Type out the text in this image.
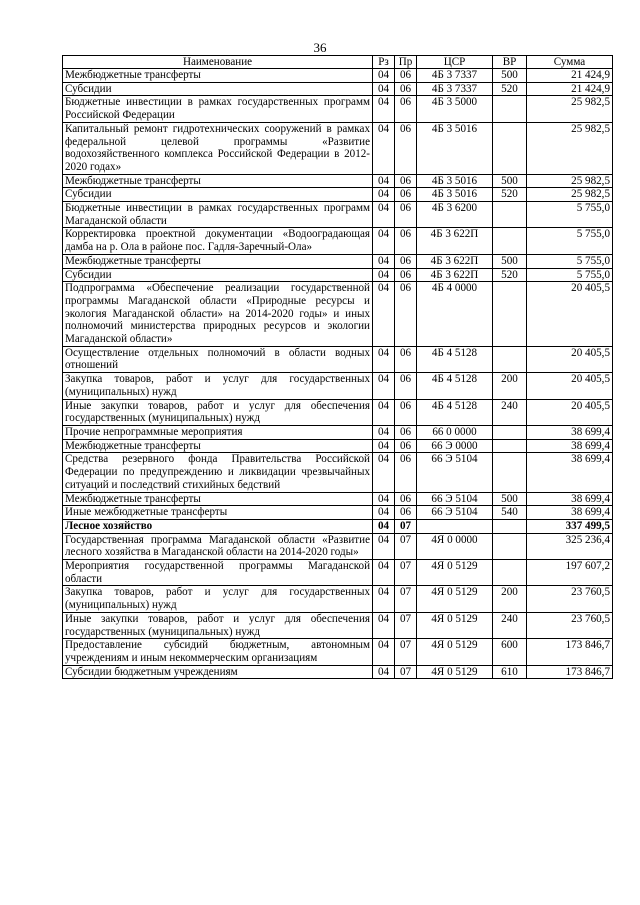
36
Наименование	Рз	Пр	ЦСР	ВР	Сумма
Межбюджетные трансферты	04	06	4Б 3 7337	500	21 424,9
Субсидии	04	06	4Б 3 7337	520	21 424,9
Бюджетные инвестиции в рамках государственных программ Российской Федерации	04	06	4Б 3 5000		25 982,5
Капитальный ремонт гидротехнических сооружений в рамках федеральной целевой программы «Развитие водохозяйственного комплекса Российской Федерации в 2012-2020 годах»	04	06	4Б 3 5016		25 982,5
Межбюджетные трансферты	04	06	4Б 3 5016	500	25 982,5
Субсидии	04	06	4Б 3 5016	520	25 982,5
Бюджетные инвестиции в рамках государственных программ Магаданской области	04	06	4Б 3 6200		5 755,0
Корректировка проектной документации «Водооградающая дамба на р. Ола в районе пос. Гадля-Заречный-Ола»	04	06	4Б 3 622П		5 755,0
Межбюджетные трансферты	04	06	4Б 3 622П	500	5 755,0
Субсидии	04	06	4Б 3 622П	520	5 755,0
Подпрограмма «Обеспечение реализации государственной программы Магаданской области «Природные ресурсы и экология Магаданской области» на 2014-2020 годы» и иных полномочий министерства природных ресурсов и экологии Магаданской области»	04	06	4Б 4 0000		20 405,5
Осуществление отдельных полномочий в области водных отношений	04	06	4Б 4 5128		20 405,5
Закупка товаров, работ и услуг для государственных (муниципальных) нужд	04	06	4Б 4 5128	200	20 405,5
Иные закупки товаров, работ и услуг для обеспечения государственных (муниципальных) нужд	04	06	4Б 4 5128	240	20 405,5
Прочие непрограммные мероприятия	04	06	66 0 0000		38 699,4
Межбюджетные трансферты	04	06	66 Э 0000		38 699,4
Средства резервного фонда Правительства Российской Федерации по предупреждению и ликвидации чрезвычайных ситуаций и последствий стихийных бедствий	04	06	66 Э 5104		38 699,4
Межбюджетные трансферты	04	06	66 Э 5104	500	38 699,4
Иные межбюджетные трансферты	04	06	66 Э 5104	540	38 699,4
Лесное хозяйство	04	07			337 499,5
Государственная программа Магаданской области «Развитие лесного хозяйства в Магаданской области на 2014-2020 годы»	04	07	4Я 0 0000		325 236,4
Мероприятия государственной программы Магаданской области	04	07	4Я 0 5129		197 607,2
Закупка товаров, работ и услуг для государственных (муниципальных) нужд	04	07	4Я 0 5129	200	23 760,5
Иные закупки товаров, работ и услуг для обеспечения государственных (муниципальных) нужд	04	07	4Я 0 5129	240	23 760,5
Предоставление субсидий бюджетным, автономным учреждениям и иным некоммерческим организациям	04	07	4Я 0 5129	600	173 846,7
Субсидии бюджетным учреждениям	04	07	4Я 0 5129	610	173 846,7
